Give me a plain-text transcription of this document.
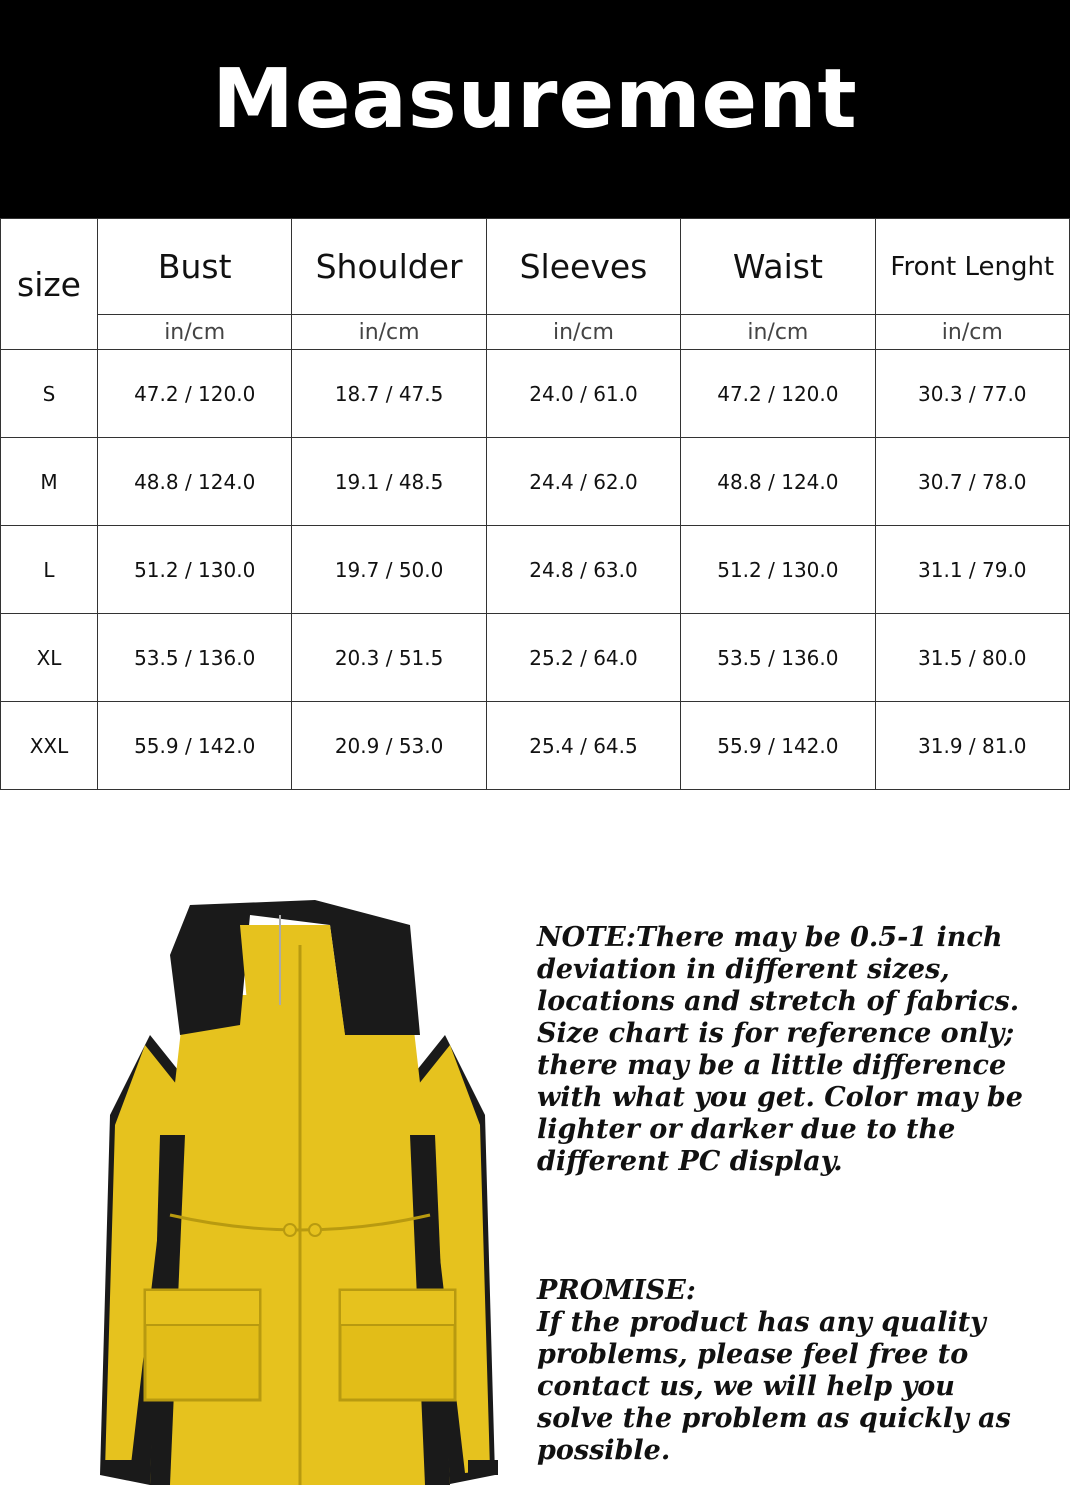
Measurement
size	Bust	Shoulder	Sleeves	Waist	Front Lenght
	in/cm	in/cm	in/cm	in/cm	in/cm
S	47.2 / 120.0	18.7 / 47.5	24.0 / 61.0	47.2 / 120.0	30.3 / 77.0
M	48.8 / 124.0	19.1 / 48.5	24.4 / 62.0	48.8 / 124.0	30.7 / 78.0
L	51.2 / 130.0	19.7 / 50.0	24.8 / 63.0	51.2 / 130.0	31.1 / 79.0
XL	53.5 / 136.0	20.3 / 51.5	25.2 / 64.0	53.5 / 136.0	31.5 / 80.0
XXL	55.9 / 142.0	20.9 / 53.0	25.4 / 64.5	55.9 / 142.0	31.9 / 81.0

NOTE:There may be 0.5-1 inch
deviation in different sizes,
locations and stretch of fabrics.
Size chart is for reference only;
there may be a little difference
with what you get. Color may be
lighter or darker due to the
different PC display.

PROMISE:

If the product has any quality
problems, please feel free to
contact us, we will help you
solve the problem as quickly as
possible.
